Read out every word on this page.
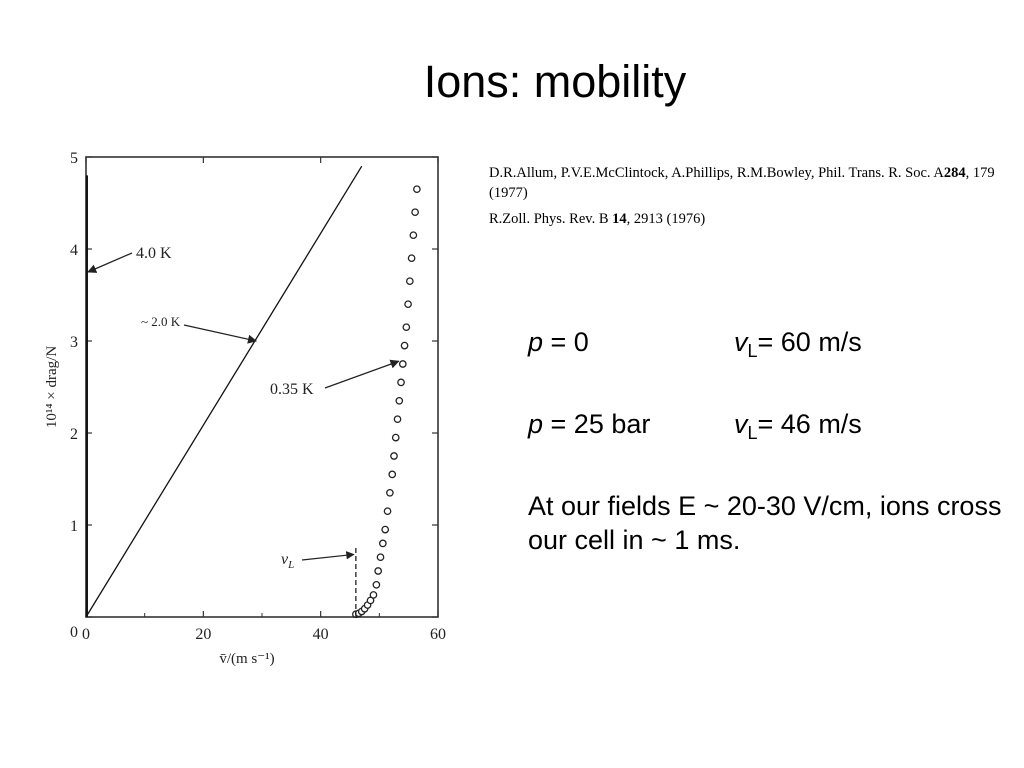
Ions: mobility
0	20	40	60
0
1
2
3
4
5
v̄/(m s⁻¹)
10¹⁴ × drag/N
4.0 K
~ 2.0 K
0.35 K
$v_L$

D.R.Allum, P.V.E.McClintock, A.Phillips, R.M.Bowley, Phil. Trans. R. Soc. A284, 179 (1977)

R.Zoll. Phys. Rev. B 14, 2913 (1976)

p = 0	$v_L= 60$ m/s
p = 25 bar	$v_L= 46$ m/s
At our fields E ~ 20-30 V/cm, ions cross our cell in ~ 1 ms.
